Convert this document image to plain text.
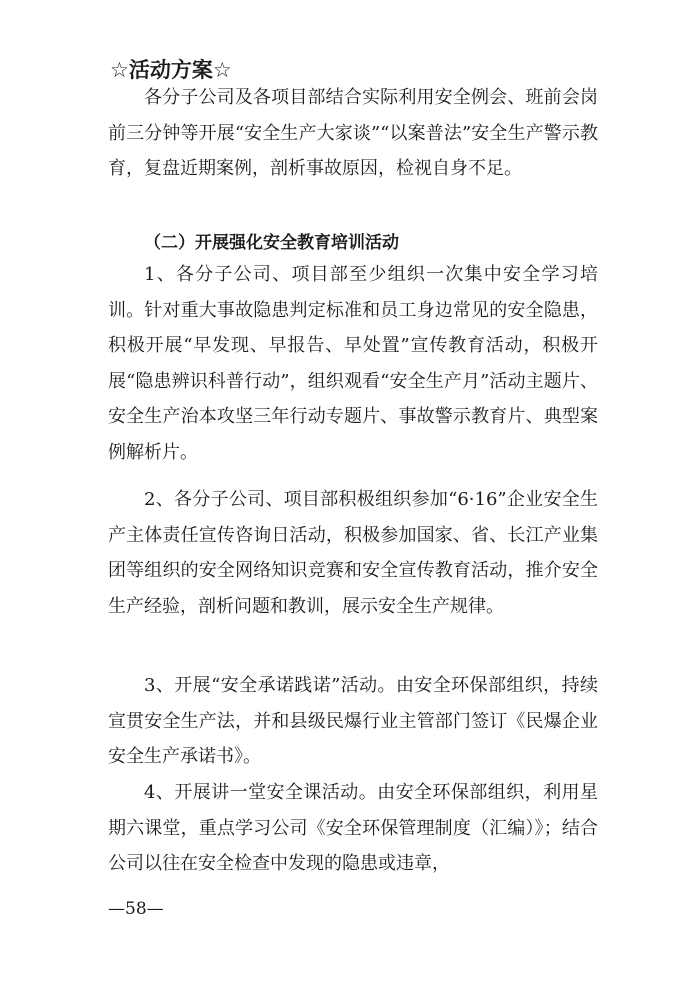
☆活动方案☆

各分子公司及各项目部结合实际利用安全例会、班前会岗前三分钟等开展“安全生产大家谈”“以案普法”安全生产警示教育，复盘近期案例，剖析事故原因，检视自身不足。

（二）开展强化安全教育培训活动

1、各分子公司、项目部至少组织一次集中安全学习培训。针对重大事故隐患判定标准和员工身边常见的安全隐患，积极开展“早发现、早报告、早处置”宣传教育活动，积极开展“隐患辨识科普行动”，组织观看“安全生产月”活动主题片、安全生产治本攻坚三年行动专题片、事故警示教育片、典型案例解析片。

2、各分子公司、项目部积极组织参加“6·16”企业安全生产主体责任宣传咨询日活动，积极参加国家、省、长江产业集团等组织的安全网络知识竞赛和安全宣传教育活动，推介安全生产经验，剖析问题和教训，展示安全生产规律。

3、开展“安全承诺践诺”活动。由安全环保部组织，持续宣贯安全生产法，并和县级民爆行业主管部门签订《民爆企业安全生产承诺书》。

4、开展讲一堂安全课活动。由安全环保部组织，利用星期六课堂，重点学习公司《安全环保管理制度（汇编）》；结合公司以往在安全检查中发现的隐患或违章，

—58—
